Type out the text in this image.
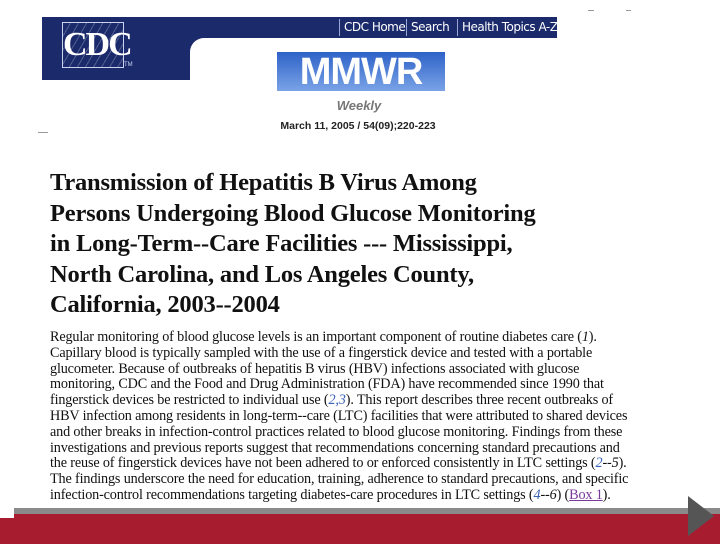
CDC
TM
CDC Home Search	Health Topics A-Z
MMWR
Weekly
March 11, 2005 / 54(09);220-223
Transmission of Hepatitis B Virus Among
Persons Undergoing Blood Glucose Monitoring
in Long-Term--Care Facilities --- Mississippi,
North Carolina, and Los Angeles County,
California, 2003--2004
Regular monitoring of blood glucose levels is an important component of routine diabetes care (1).
Capillary blood is typically sampled with the use of a fingerstick device and tested with a portable
glucometer. Because of outbreaks of hepatitis B virus (HBV) infections associated with glucose
monitoring, CDC and the Food and Drug Administration (FDA) have recommended since 1990 that
fingerstick devices be restricted to individual use (2,3). This report describes three recent outbreaks of
HBV infection among residents in long-term--care (LTC) facilities that were attributed to shared devices
and other breaks in infection-control practices related to blood glucose monitoring. Findings from these
investigations and previous reports suggest that recommendations concerning standard precautions and
the reuse of fingerstick devices have not been adhered to or enforced consistently in LTC settings (2--5).
The findings underscore the need for education, training, adherence to standard precautions, and specific
infection-control recommendations targeting diabetes-care procedures in LTC settings (4--6) (Box 1).
